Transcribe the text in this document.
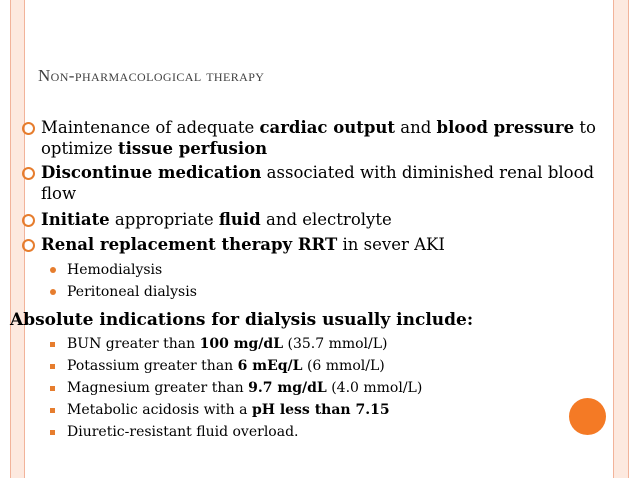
Non-pharmacological therapy
Maintenance of adequate cardiac output and blood pressure to optimize tissue perfusion
Discontinue medication associated with diminished renal blood flow
Initiate appropriate fluid and electrolyte
Renal replacement therapy RRT in sever AKI
Hemodialysis
Peritoneal dialysis
Absolute indications for dialysis usually include:
BUN greater than 100 mg/dL (35.7 mmol/L)
Potassium greater than 6 mEq/L (6 mmol/L)
Magnesium greater than 9.7 mg/dL (4.0 mmol/L)
Metabolic acidosis with a pH less than 7.15
Diuretic-resistant fluid overload.
